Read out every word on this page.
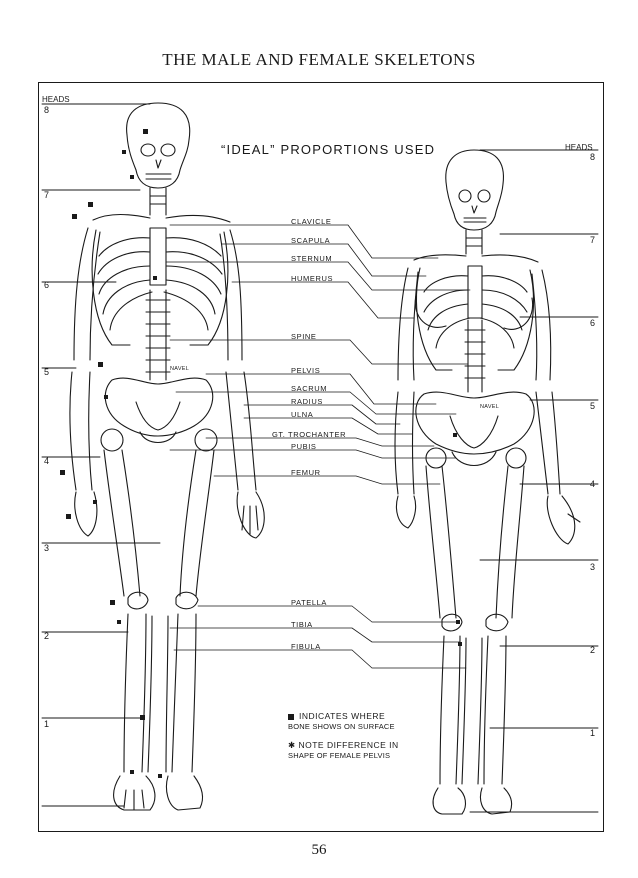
THE MALE AND FEMALE SKELETONS
HEADS
HEADS
8
7
6
5
4
3
2
1
8
7
6
5
4
3
2
1
“IDEAL” PROPORTIONS USED
NAVEL
NAVEL
CLAVICLE
SCAPULA
STERNUM
HUMERUS
SPINE
PELVIS
SACRUM
RADIUS
ULNA
GT. TROCHANTER
PUBIS
FEMUR
PATELLA
TIBIA
FIBULA
INDICATES WHERE
BONE SHOWS ON SURFACE
✱ NOTE DIFFERENCE IN
SHAPE OF FEMALE PELVIS
56
